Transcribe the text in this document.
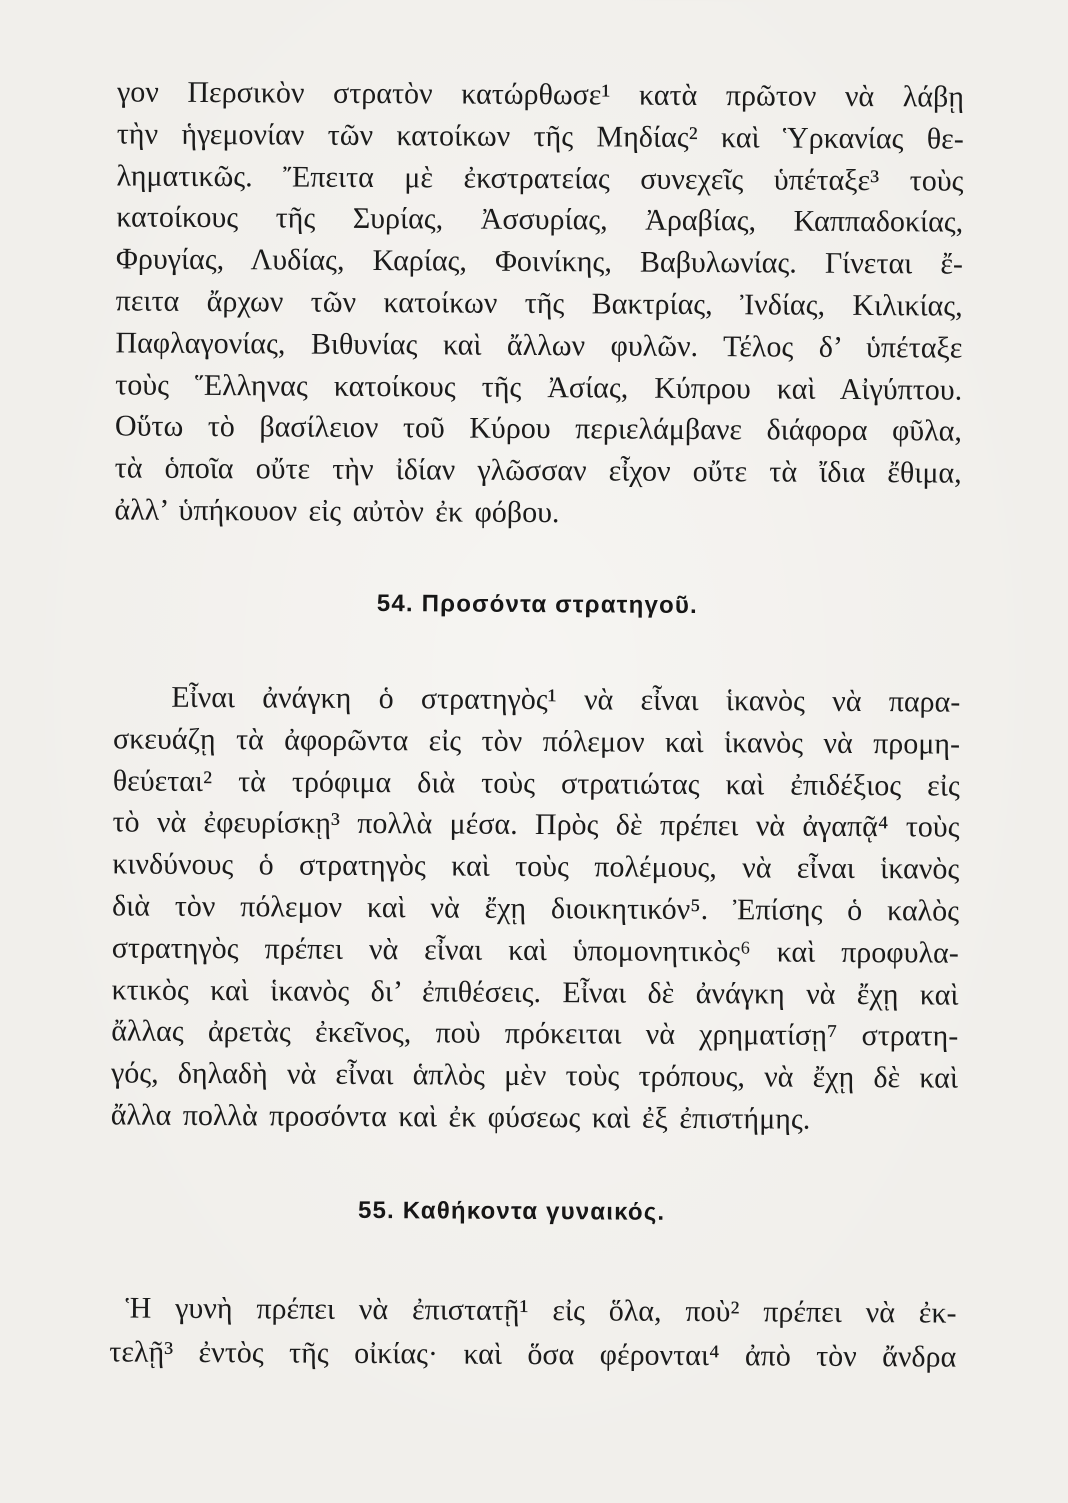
γον Περσικὸν στρατὸν κατώρθωσε¹ κατὰ πρῶτον νὰ λάβῃ
τὴν ἡγεμονίαν τῶν κατοίκων τῆς Μηδίας² καὶ Ὑρκανίας θε-
ληματικῶς. Ἔπειτα μὲ ἐκστρατείας συνεχεῖς ὑπέταξε³ τοὺς
κατοίκους τῆς Συρίας, Ἀσσυρίας, Ἀραβίας, Καππαδοκίας,
Φρυγίας, Λυδίας, Καρίας, Φοινίκης, Βαβυλωνίας. Γίνεται ἔ-
πειτα ἄρχων τῶν κατοίκων τῆς Βακτρίας, Ἰνδίας, Κιλικίας,
Παφλαγονίας, Βιθυνίας καὶ ἄλλων φυλῶν. Τέλος δ’ ὑπέταξε
τοὺς Ἕλληνας κατοίκους τῆς Ἀσίας, Κύπρου καὶ Αἰγύπτου.
Οὕτω τὸ βασίλειον τοῦ Κύρου περιελάμβανε διάφορα φῦλα,
τὰ ὁποῖα οὔτε τὴν ἰδίαν γλῶσσαν εἶχον οὔτε τὰ ἴδια ἔθιμα,
ἀλλ’ ὑπήκουον εἰς αὐτὸν ἐκ φόβου.
54. Προσόντα στρατηγοῦ.
Εἶναι ἀνάγκη ὁ στρατηγὸς¹ νὰ εἶναι ἱκανὸς νὰ παρα-
σκευάζῃ τὰ ἀφορῶντα εἰς τὸν πόλεμον καὶ ἱκανὸς νὰ προμη-
θεύεται² τὰ τρόφιμα διὰ τοὺς στρατιώτας καὶ ἐπιδέξιος εἰς
τὸ νὰ ἐφευρίσκῃ³ πολλὰ μέσα. Πρὸς δὲ πρέπει νὰ ἀγαπᾷ⁴ τοὺς
κινδύνους ὁ στρατηγὸς καὶ τοὺς πολέμους, νὰ εἶναι ἱκανὸς
διὰ τὸν πόλεμον καὶ νὰ ἔχῃ διοικητικόν⁵. Ἐπίσης ὁ καλὸς
στρατηγὸς πρέπει νὰ εἶναι καὶ ὑπομονητικὸς⁶ καὶ προφυλα-
κτικὸς καὶ ἱκανὸς δι’ ἐπιθέσεις. Εἶναι δὲ ἀνάγκη νὰ ἔχῃ καὶ
ἄλλας ἀρετὰς ἐκεῖνος, ποὺ πρόκειται νὰ χρηματίσῃ⁷ στρατη-
γός, δηλαδὴ νὰ εἶναι ἁπλὸς μὲν τοὺς τρόπους, νὰ ἔχῃ δὲ καὶ
ἄλλα πολλὰ προσόντα καὶ ἐκ φύσεως καὶ ἐξ ἐπιστήμης.
55. Καθήκοντα γυναικός.
Ἡ γυνὴ πρέπει νὰ ἐπιστατῇ¹ εἰς ὅλα, ποὺ² πρέπει νὰ ἐκ-
τελῇ³ ἐντὸς τῆς οἰκίας· καὶ ὅσα φέρονται⁴ ἀπὸ τὸν ἄνδρα
